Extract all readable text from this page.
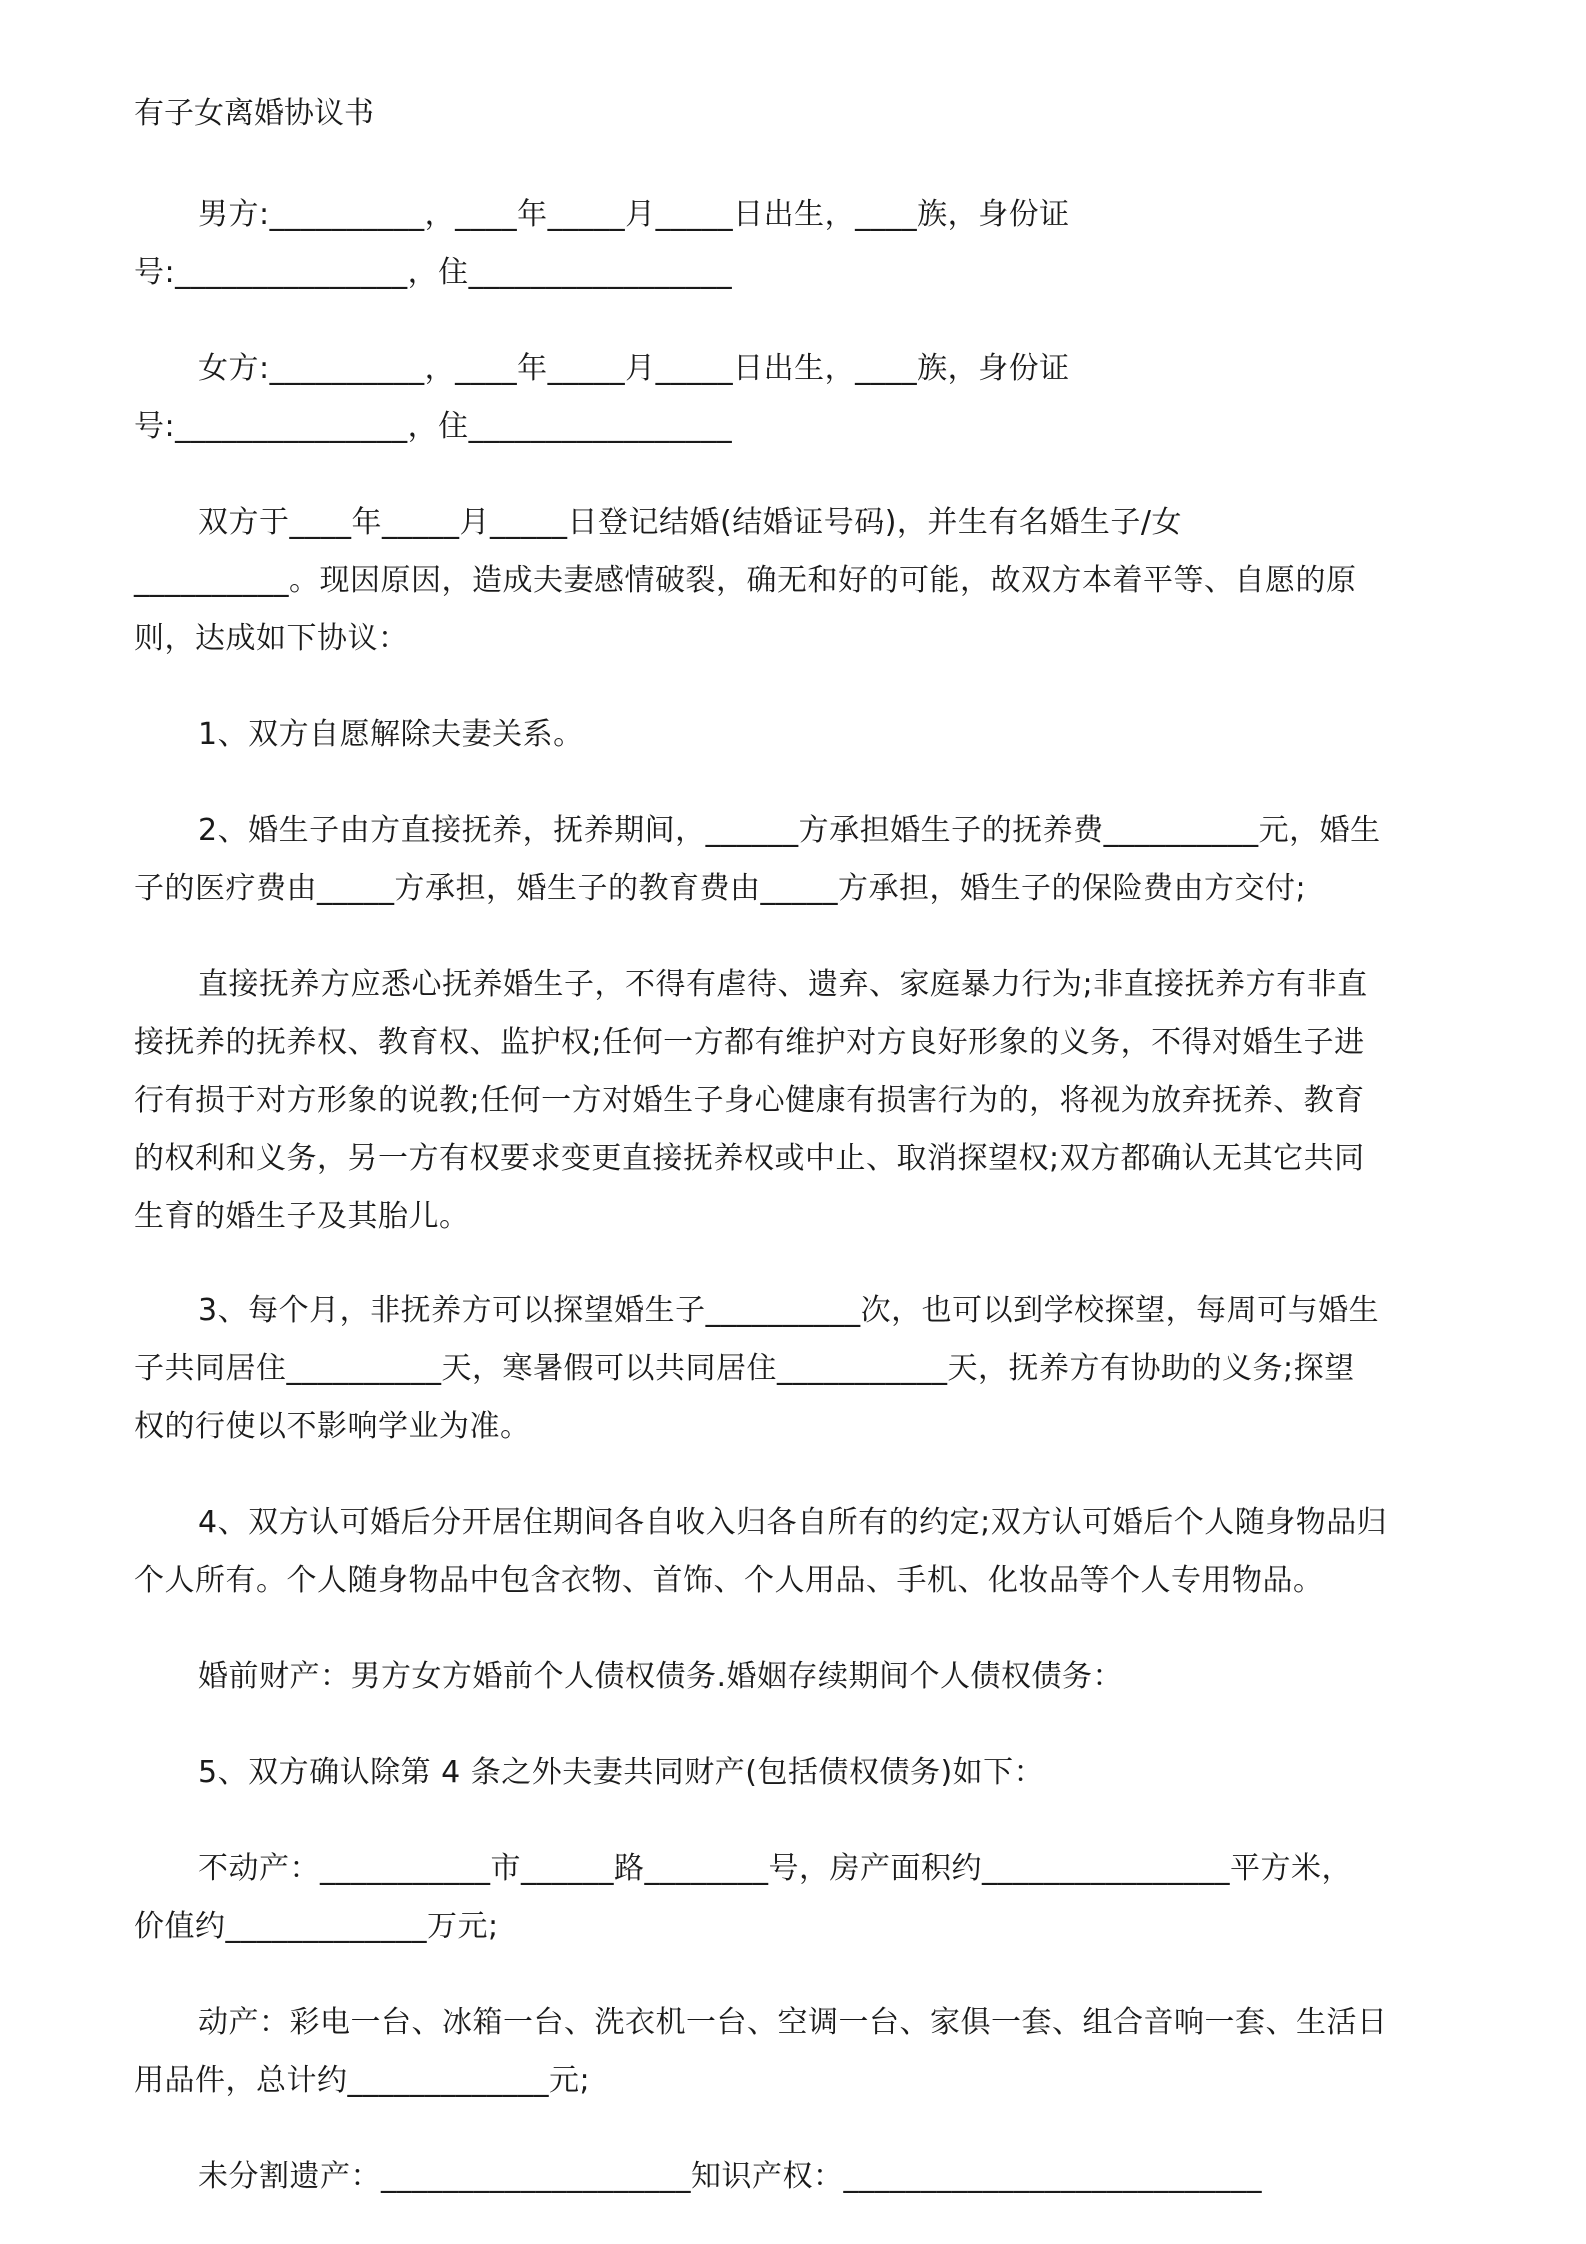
有子女离婚协议书

男方:__________，____年_____月_____日出生，____族，身份证
号:_______________，住_________________

女方:__________，____年_____月_____日出生，____族，身份证
号:_______________，住_________________

双方于____年_____月_____日登记结婚(结婚证号码)，并生有名婚生子/女
__________。现因原因，造成夫妻感情破裂，确无和好的可能，故双方本着平等、自愿的原
则，达成如下协议：

1、双方自愿解除夫妻关系。

2、婚生子由方直接抚养，抚养期间，______方承担婚生子的抚养费__________元，婚生
子的医疗费由_____方承担，婚生子的教育费由_____方承担，婚生子的保险费由方交付;

直接抚养方应悉心抚养婚生子，不得有虐待、遗弃、家庭暴力行为;非直接抚养方有非直
接抚养的抚养权、教育权、监护权;任何一方都有维护对方良好形象的义务，不得对婚生子进
行有损于对方形象的说教;任何一方对婚生子身心健康有损害行为的，将视为放弃抚养、教育
的权利和义务，另一方有权要求变更直接抚养权或中止、取消探望权;双方都确认无其它共同
生育的婚生子及其胎儿。

3、每个月，非抚养方可以探望婚生子__________次，也可以到学校探望，每周可与婚生
子共同居住__________天，寒暑假可以共同居住___________天，抚养方有协助的义务;探望
权的行使以不影响学业为准。

4、双方认可婚后分开居住期间各自收入归各自所有的约定;双方认可婚后个人随身物品归
个人所有。个人随身物品中包含衣物、首饰、个人用品、手机、化妆品等个人专用物品。

婚前财产：男方女方婚前个人债权债务.婚姻存续期间个人债权债务：

5、双方确认除第 4 条之外夫妻共同财产(包括债权债务)如下：

不动产：___________市______路________号，房产面积约________________平方米，
价值约_____________万元;

动产：彩电一台、冰箱一台、洗衣机一台、空调一台、家俱一套、组合音响一套、生活日
用品件，总计约_____________元;

未分割遗产：____________________知识产权：___________________________
